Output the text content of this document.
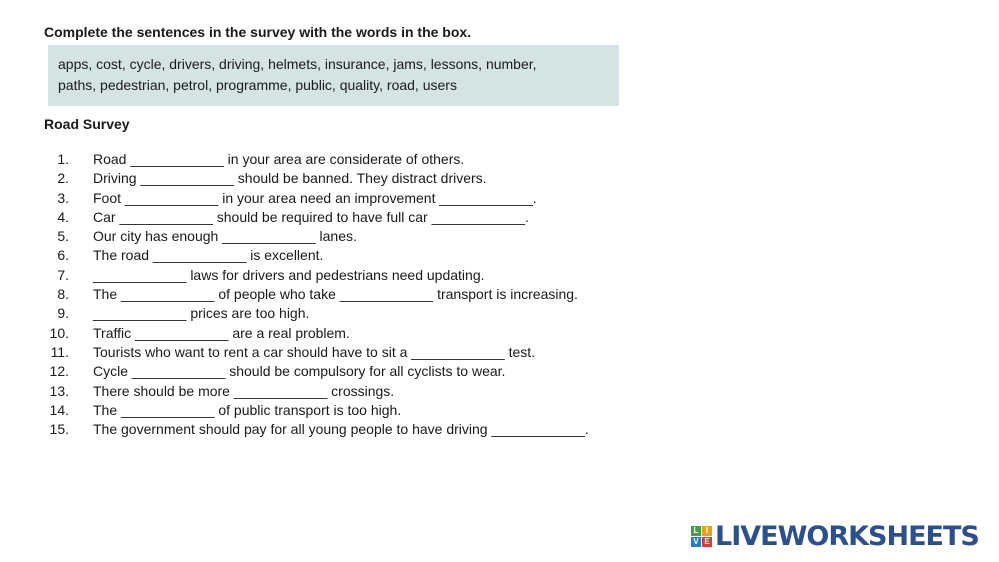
Complete the sentences in the survey with the words in the box.
apps, cost, cycle, drivers, driving, helmets, insurance, jams, lessons, number,
paths, pedestrian, petrol, programme, public, quality, road, users
Road Survey
1. Road ____________ in your area are considerate of others.
2. Driving ____________ should be banned. They distract drivers.
3. Foot ____________ in your area need an improvement ____________.
4. Car ____________ should be required to have full car ____________.
5. Our city has enough ____________ lanes.
6. The road ____________ is excellent.
7. ____________ laws for drivers and pedestrians need updating.
8. The ____________ of people who take ____________ transport is increasing.
9. ____________ prices are too high.
10. Traffic ____________ are a real problem.
11. Tourists who want to rent a car should have to sit a ____________ test.
12. Cycle ____________ should be compulsory for all cyclists to wear.
13. There should be more ____________ crossings.
14. The ____________ of public transport is too high.
15. The government should pay for all young people to have driving ____________.
L I
V E LIVEWORKSHEETS
